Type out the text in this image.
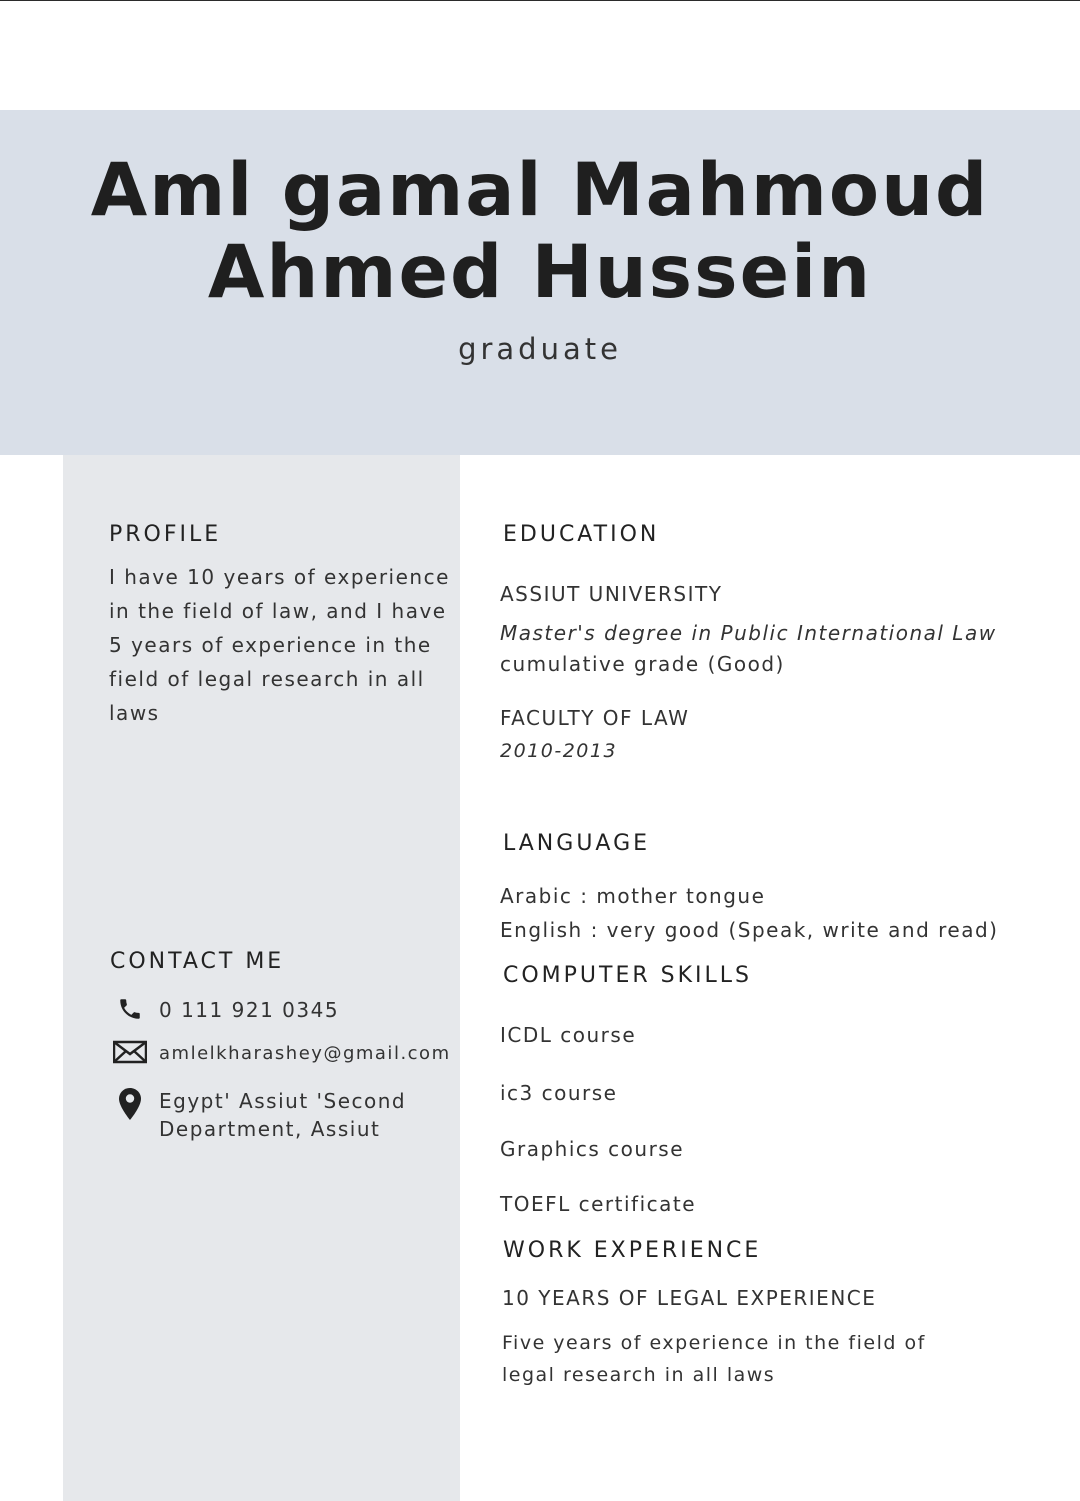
Aml gamal Mahmoud
Ahmed Hussein
graduate
PROFILE
I have 10 years of experience in the field of law, and I have 5 years of experience in the field of legal research in all laws
CONTACT ME
0 111 921 0345
amlelkharashey@gmail.com
Egypt' Assiut 'Second
Department, Assiut
EDUCATION
ASSIUT UNIVERSITY
Master's degree in Public International Law
cumulative grade (Good)
FACULTY OF LAW
2010-2013
LANGUAGE
Arabic : mother tongue
English : very good (Speak, write and read)
COMPUTER SKILLS
ICDL course
ic3 course
Graphics course
TOEFL certificate
WORK EXPERIENCE
10 YEARS OF LEGAL EXPERIENCE
Five years of experience in the field of
legal research in all laws
